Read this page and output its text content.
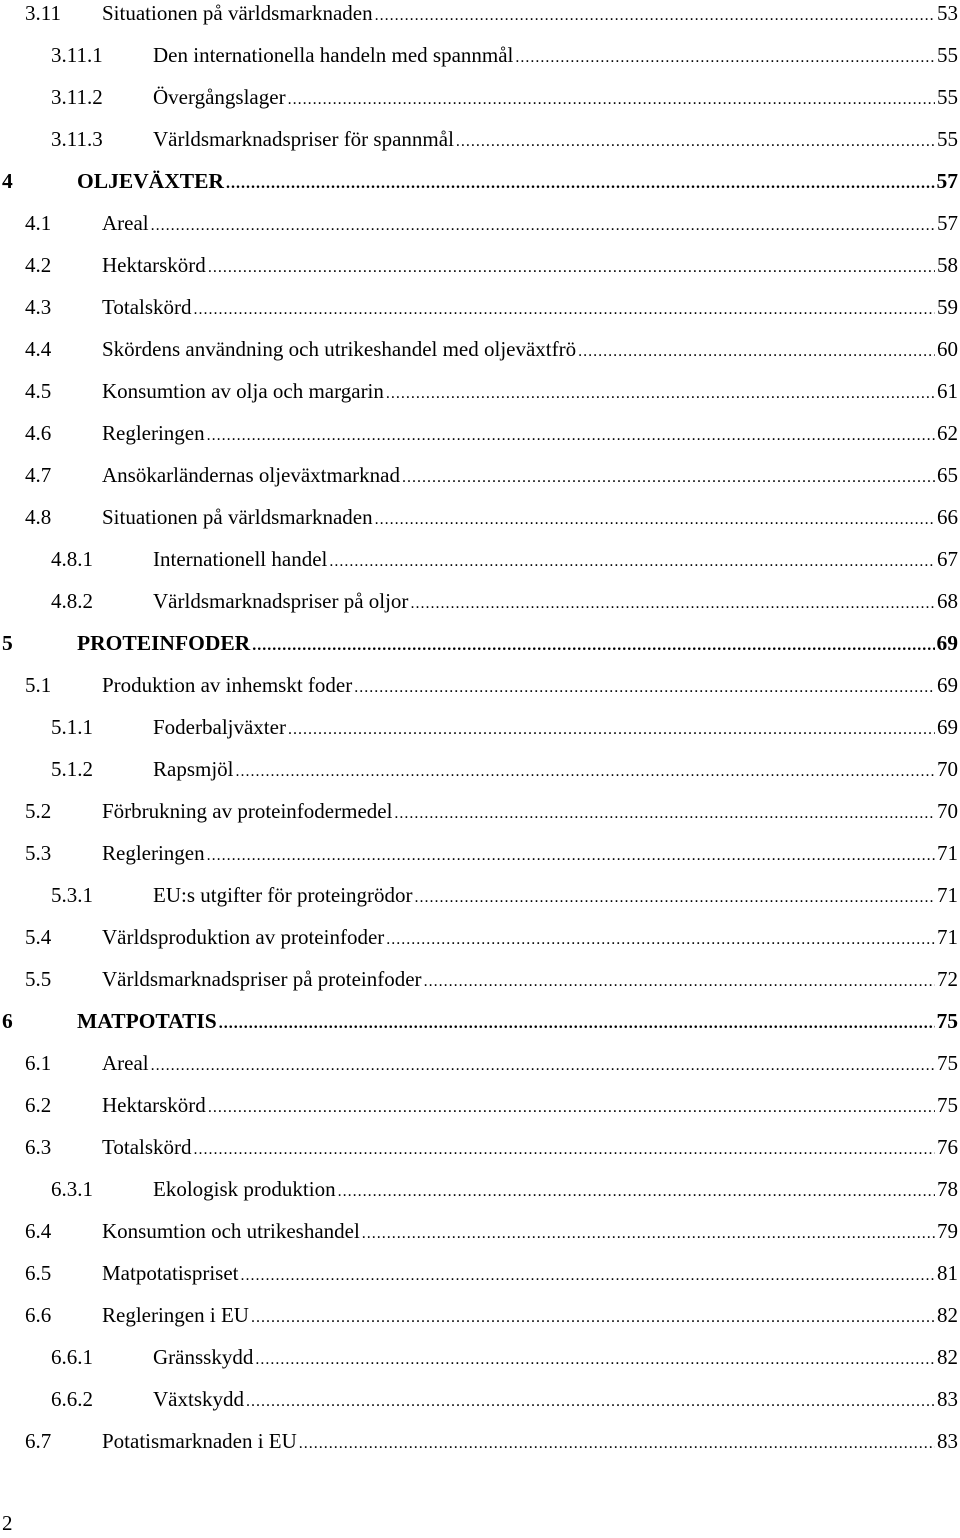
3.11 Situationen på världsmarknaden .....	53
3.11.1 Den internationella handeln med spannmål .....	55
3.11.2 Övergångslager .....	55
3.11.3 Världsmarknadspriser för spannmål .....	55
4	OLJEVÄXTER .....	57
4.1 Areal .....	57
4.2 Hektarskörd .....	58
4.3 Totalskörd .....	59
4.4 Skördens användning och utrikeshandel med oljeväxtfrö .....	60
4.5 Konsumtion av olja och margarin .....	61
4.6 Regleringen .....	62
4.7 Ansökarländernas oljeväxtmarknad .....	65
4.8 Situationen på världsmarknaden .....	66
4.8.1	Internationell handel .....	67
4.8.2	Världsmarknadspriser på oljor .....	68
5	PROTEINFODER .....	69
5.1 Produktion av inhemskt foder .....	69
5.1.1	Foderbaljväxter .....	69
5.1.2	Rapsmjöl .....	70
5.2 Förbrukning av proteinfodermedel .....	70
5.3 Regleringen .....	71
5.3.1	EU:s utgifter för proteingrödor .....	71
5.4 Världsproduktion av proteinfoder .....	71
5.5 Världsmarknadspriser på proteinfoder .....	72
6	MATPOTATIS .....	75
6.1 Areal .....	75
6.2 Hektarskörd .....	75
6.3 Totalskörd .....	76
6.3.1	Ekologisk produktion .....	78
6.4 Konsumtion och utrikeshandel .....	79
6.5 Matpotatispriset .....	81
6.6 Regleringen i EU .....	82
6.6.1	Gränsskydd .....	82
6.6.2	Växtskydd .....	83
6.7 Potatismarknaden i EU .....	83
2
